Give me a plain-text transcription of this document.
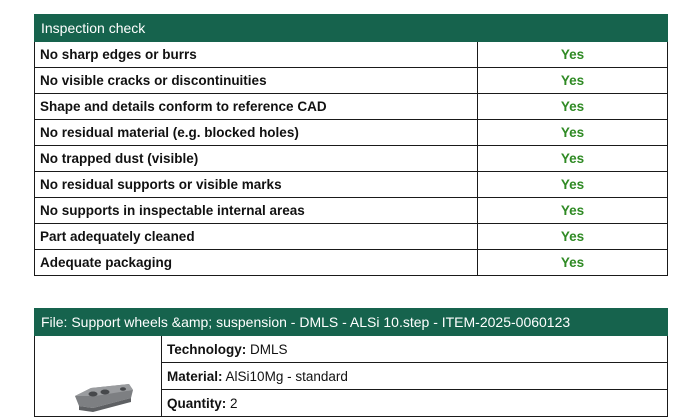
Inspection check	
No sharp edges or burrs	Yes
No visible cracks or discontinuities	Yes
Shape and details conform to reference CAD	Yes
No residual material (e.g. blocked holes)	Yes
No trapped dust (visible)	Yes
No residual supports or visible marks	Yes
No supports in inspectable internal areas	Yes
Part adequately cleaned	Yes
Adequate packaging	Yes
File: Support wheels &amp; suspension - DMLS - ALSi 10.step - ITEM-2025-0060123

	Technology: DMLS
Material: AlSi10Mg - standard
Quantity: 2
